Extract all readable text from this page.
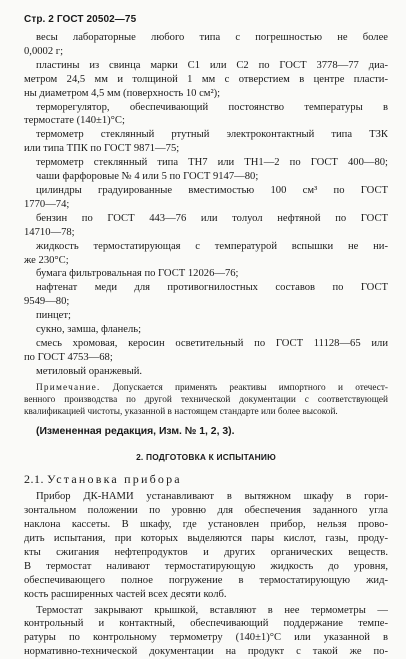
Стр. 2 ГОСТ 20502—75
весы лабораторные любого типа с погрешностью не более
0,0002 г;
пластины из свинца марки С1 или С2 по ГОСТ 3778—77 диа-
метром 24,5 мм и толщиной 1 мм с отверстием в центре пласти-
ны диаметром 4,5 мм (поверхность 10 см²);
терморегулятор, обеспечивающий постоянство температуры в
термостате (140±1)°С;
термометр стеклянный ртутный электроконтактный типа ТЗК
или типа ТПК по ГОСТ 9871—75;
термометр стеклянный типа ТН7 или ТН1—2 по ГОСТ 400—80;
чаши фарфоровые № 4 или 5 по ГОСТ 9147—80;
цилиндры градуированные вместимостью 100 см³ по ГОСТ
1770—74;
бензин по ГОСТ 443—76 или толуол нефтяной по ГОСТ
14710—78;
жидкость термостатирующая с температурой вспышки не ни-
же 230°С;
бумага фильтровальная по ГОСТ 12026—76;
нафтенат меди для противогнилостных составов по ГОСТ
9549—80;
пинцет;
сукно, замша, фланель;
смесь хромовая, керосин осветительный по ГОСТ 11128—65 или
по ГОСТ 4753—68;
метиловый оранжевый.
Примечание. Допускается применять реактивы импортного и отечест-
венного производства по другой технической документации с соответствующей
квалификацией чистоты, указанной в настоящем стандарте или более высокой.
(Измененная редакция, Изм. № 1, 2, 3).
2. ПОДГОТОВКА К ИСПЫТАНИЮ
2.1. Установка прибора
Прибор ДК-НАМИ устанавливают в вытяжном шкафу в гори-
зонтальном положении по уровню для обеспечения заданного угла
наклона кассеты. В шкафу, где установлен прибор, нельзя прово-
дить испытания, при которых выделяются пары кислот, газы, проду-
кты сжигания нефтепродуктов и других органических веществ.
В термостат наливают термостатирующую жидкость до уровня,
обеспечивающего полное погружение в термостатирующую жид-
кость расширенных частей всех десяти колб.
Термостат закрывают крышкой, вставляют в нее термометры —
контрольный и контактный, обеспечивающий поддержание темпе-
ратуры по контрольному термометру (140±1)°С или указанной в
нормативно-технической документации на продукт с такой же по-
